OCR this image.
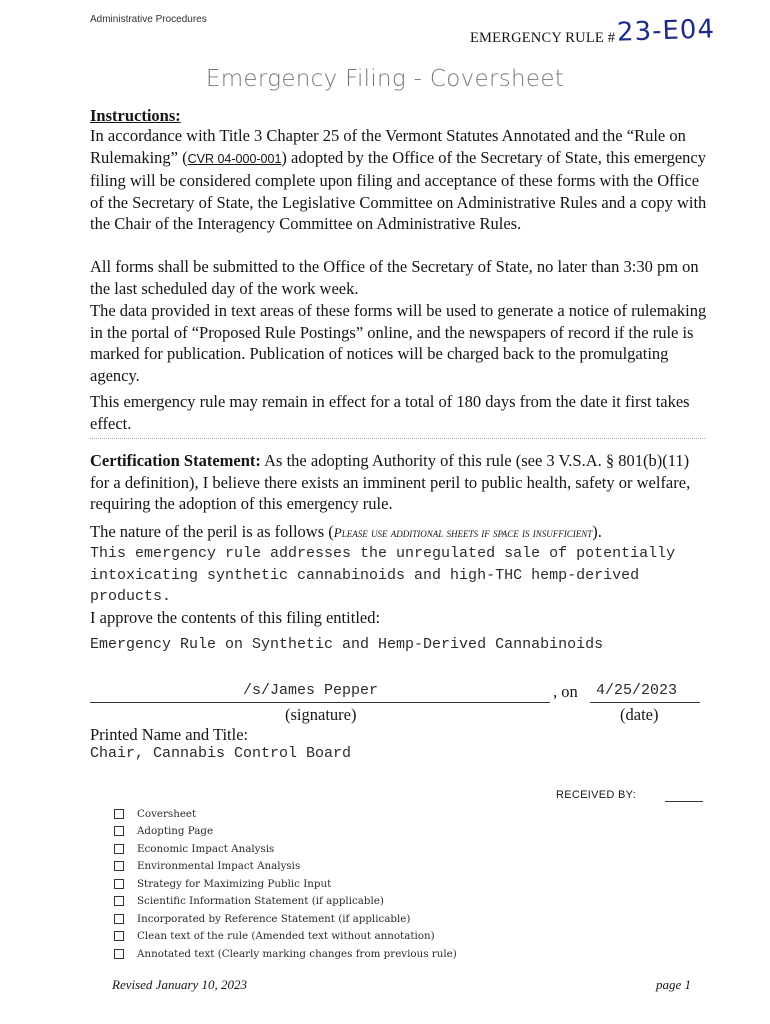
Administrative Procedures
EMERGENCY RULE # 23-E04
Emergency Filing - Coversheet
Instructions:
In accordance with Title 3 Chapter 25 of the Vermont Statutes Annotated and the “Rule on Rulemaking” (CVR 04-000-001) adopted by the Office of the Secretary of State, this emergency filing will be considered complete upon filing and acceptance of these forms with the Office of the Secretary of State, the Legislative Committee on Administrative Rules and a copy with the Chair of the Interagency Committee on Administrative Rules.
All forms shall be submitted to the Office of the Secretary of State, no later than 3:30 pm on the last scheduled day of the work week.
The data provided in text areas of these forms will be used to generate a notice of rulemaking in the portal of “Proposed Rule Postings” online, and the newspapers of record if the rule is marked for publication. Publication of notices will be charged back to the promulgating agency.
This emergency rule may remain in effect for a total of 180 days from the date it first takes effect.
Certification Statement: As the adopting Authority of this rule (see 3 V.S.A. § 801(b)(11) for a definition), I believe there exists an imminent peril to public health, safety or welfare, requiring the adoption of this emergency rule.
The nature of the peril is as follows (Please use additional sheets if space is insufficient).
This emergency rule addresses the unregulated sale of potentially intoxicating synthetic cannabinoids and high-THC hemp-derived products.
I approve the contents of this filing entitled:
Emergency Rule on Synthetic and Hemp-Derived Cannabinoids
/s/James Pepper	, on 4/25/2023
(signature)	(date)
Printed Name and Title:
Chair, Cannabis Control Board
RECEIVED BY:
Coversheet
Adopting Page
Economic Impact Analysis
Environmental Impact Analysis
Strategy for Maximizing Public Input
Scientific Information Statement (if applicable)
Incorporated by Reference Statement (if applicable)
Clean text of the rule (Amended text without annotation)
Annotated text (Clearly marking changes from previous rule)
Revised January 10, 2023	page 1
